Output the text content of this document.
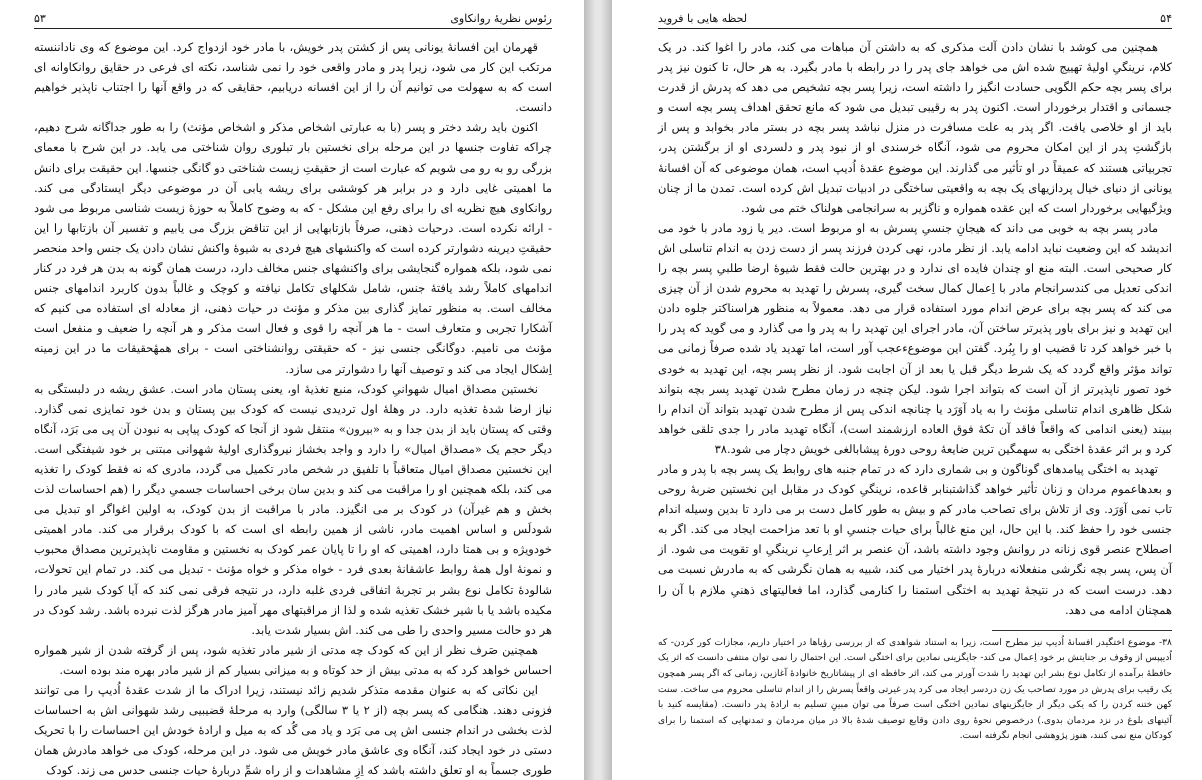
رئوس نظریهٔ روانکاوی
۵۳

قهرمان این افسانهٔ یونانی پس از کشتن پدر خویش، با مادر خود ازدواج کرد. این موضوع که وی ناداننسته مرتکب این کار می شود، زیرا پدر و مادر واقعی خود را نمی شناسد، نکته ای فرعی در حقایق روانکاوانه ای است که به سهولت می توانیم آن را از این افسانه دریابیم، حقایقی که در واقع آنها را اجتناب ناپذیر خواهیم دانست.

اکنون باید رشد دختر و پسر (با به عبارتی اشخاص مذکر و اشخاص مؤنث) را به طور جداگانه شرح دهیم، چراکه تفاوت جنسها در این مرحله برای نخستین بار تبلوری روان شناختی می یابد. در این شرح با معمای بزرگی رو به رو می شویم که عبارت است از حقیقتِ زیست شناختی دو گانگی جنسها. این حقیقت برای دانش ما اهمیتی غایی دارد و در برابر هر کوششی برای ریشه یابی آن در موضوعی دیگر ایستادگی می کند. روانکاوی هیچ نظریه ای را برای رفع این مشکل - که به وضوح کاملاً به حوزهٔ زیست شناسی مربوط می شود - ارائه نکرده است. درحیات ذهنی، صرفاً بازتابهایی از این تناقض بزرگ می یابیم و تفسیر آن بازتابها را این حقیقتِ دیرینه دشوارتر کرده است که واکنشهای هیچ فردی به شیوهٔ واکنش نشان دادن یک جنس واحد منحصر نمی شود، بلکه همواره گنجایشی برای واکنشهای جنس مخالف دارد، درست همان گونه به بدن هر فرد در کنار اندامهای کاملاً رشد یافتهٔ جنس، شامل شکلهای تکامل نیافته و کوچک و غالباً بدون کاربرد اندامهای جنس مخالف است. به منظور تمایز گذاری بین مذکر و مؤنث در حیات ذهنی، از معادله ای استفاده می کنیم که آشکارا تجربی و متعارف است - ما هر آنچه را قوی و فعال است مذکر و هر آنچه را ضعیف و منفعل است مؤنث می نامیم. دوگانگی جنسی نیز - که حقیقتی روانشناختی است - برای همهٔحقیقات ما در این زمینه اِشکال ایجاد می کند و توصیف آنها را دشوارتر می سازد.

نخستین مصداق امیال شهوانیِ کودک، منبع تغذیهٔ او، یعنی پستان مادر است. عشق ریشه در دلبستگی به نیاز ارضا شدهٔ تغذیه دارد. در وهلهٔ اول تردیدی نیست که کودک بین پستان و بدن خود تمایزی نمی گذارد. وقتی که پستان باید از بدن جدا و به «بیرون» منتقل شود از آنجا که کودک پیاپی به نبودن آن پی می بَرَد، آنگاه دیگر حجم یک «مصداق امیال» را دارد و واجد بخشاز نیروگذاری اولیهٔ شهوانی مبتنی بر خود شیفتگی است. این نخستین مصداق امیال متعاقباً با تلفیق در شخص مادر تکمیل می گردد، مادری که نه فقط کودک را تغذیه می کند، بلکه همچنین او را مراقبت می کند و بدین سان برخی احساسات جسمیِ دیگر را (هم احساسات لذت بخش و هم غیرآن) در کودک بر می انگیزد. مادر با مراقبت از بدن کودک، به اولین اغواگر او تبدیل می شودلَس و اساس اهمیت مادر، ناشی از همین رابطه ای است که با کودک برقرار می کند. مادر اهمیتی خودویژه و بی همتا دارد، اهمیتی که او را تا پایان عمر کودک به نخستین و مقاومت ناپذیرترین مصداق محبوب و نمونهٔ اول همهٔ روابط عاشقانهٔ بعدی فرد - خواه مذکر و خواه مؤنث - تبدیل می کند. در تمام این تحولات، شالودهٔ تکامل نوع بشر بر تجربهٔ اتفاقی فردی غلبه دارد، در نتیجه فرقی نمی کند که آیا کودک شیر مادر را مکیده باشد یا با شیر خشک تغذیه شده و لذا از مراقبتهای مهر آمیز مادر هرگز لذت نبرده باشد. رشد کودک در هر دو حالت مسیر واحدی را طی می کند. اش بسیار شدت یابد.

همچنین صَرف نظر از این که کودک چه مدتی از شیر مادر تغذیه شود، پس از گرفته شدن از شیر همواره احساس خواهد کرد که به مدتی بیش از حد کوتاه و به میزانی بسیار کم از شیر مادر بهره مند بوده است.

این نکاتی که به عنوان مقدمه متذکر شدیم زائد نیستند، زیرا ادراک ما از شدت عقدهٔ اُدیپ را می توانند فزونی دهند. هنگامی که پسر بچه (از ۲ یا ۳ سالگی) وارد به مرحلهٔ قضیبیی رشد شهوانی اش به احساسات لذت بخشی در اندام جنسی اش پی می بَرَد و یاد می گُد که به میل و ارادهٔ خودش این احساسات را با تحریک دستی در خود ایجاد کند، آنگاه وی عاشق مادر خویش می شود. در این مرحله، کودک می خواهد مادرش همان طوری جسماً به او تعلق داشته باشد که اِزِ مشاهدات و از راه شمِّ دربارهٔ حیات جنسی حدس می زند. کودک

۵۴
لحظه هایی با فروید

همچنین می کوشد با نشان دادن آلت مذکری که به داشتن آن مباهات می کند، مادر را اغوا کند. در یک کلام، نرینگیِ اولیهٔ تهییج شده اش می خواهد جای پدر را در رابطه با مادر بگیرد. به هر حال، تا کنون نیز پدر برای پسر بچه حکم الگویی حسادت انگیز را داشته است، زیرا پسر بچه تشخیص می دهد که پدرش از قدرت جسمانی و اقتدار برخوردار است. اکنون پدر به رقیبی تبدیل می شود که مانع تحقق اهداف پسر بچه است و باید از او خلاصی یافت. اگر پدر به علت مسافرت در منزل نباشد پسر بچه در بستر مادر بخوابد و پس از بازگشتِ پدر از این امکان محروم می شود، آنگاه خرسندی او از نبود پدر و دلسردی او از برگشتن پدر، تجربیاتی هستند که عمیقاً در او تأثیر می گذارند. این موضوع عقدهٔ اُدیپ است، همان موضوعی که آن افسانهٔ یونانی از دنیای خیال پردازیهای یک بچه به واقعیتی ساختگی در ادبیات تبدیل اش کرده است. تمدن ما از چنان ویژگیهایی برخوردار است که این عقده همواره و ناگزیر به سرانجامی هولناک ختم می شود.

مادر پسر بچه به خوبی می داند که هیجانِ جنسیِ پسرش به او مربوط است. دیر یا زود مادر با خود می اندیشد که این وضعیت نباید ادامه یابد. از نظر مادر، نهی کردن فرزند پسر از دست زدن به اندام تناسلی اش کار صحیحی است. البته منع او چندان فایده ای ندارد و در بهترین حالت فقط شیوهٔ ارضا طلبیِ پسر بچه را اندکی تعدیل می کندسرانجام مادر با اِعمال کمال سخت گیری، پسرش را تهدید به محروم شدن از آن چیزی می کند که پسر بچه برای عرض اندام مورد استفاده قرار می دهد. معمولاً به منظور هراسناکتر جلوه دادن این تهدید و نیز برای باور پذیرتر ساختن آن، مادر اجرای این تهدید را به پدر وا می گذارد و می گوید که پدر را با خبر خواهد کرد تا قضیب او را بِبُرد. گفتن این موضوعءعجب آور است، اما تهدید یاد شده صرفاً زمانی می تواند مؤثر واقع گردد که یک شرط دیگر قبل یا بعد از آن اجابت شود. از نظر پسر بچه، این تهدید به خودی خود تصور ناپذیرتر از آن است که بتواند اجرا شود. لیکن چنچه در زمان مطرح شدن تهدید پسر بچه بتواند شکل ظاهری اندام تناسلی مؤنث را به یاد آوَرَد یا چنانچه اندکی پس از مطرح شدن تهدید بتواند آن اندام را ببیند (یعنی اندامی که واقعاً فاقد آن تکهٔ فوق العاده ارزشمند است)، آنگاه تهدید مادر را جدی تلقی خواهد کرد و بر اثر عقدهٔ اختگی به سهمگین ترین ضایعهٔ روحی دورهٔ پیشابالغی خویش دچار می شود.۳۸

تهدید به اختگی پیامدهای گوناگون و بی شماری دارد که در تمام جنبه های روابط یک پسر بچه با پدر و مادر و بعدهاعموم مردان و زنان تأثیر خواهد گذاشتبنابر قاعده، نرینگیِ کودک در مقابل این نخستین ضربهٔ روحی تاب نمی آوَرَد. وی از تلاش برای تصاحب مادر کم و بیش به طور کامل دست بر می دارد تا بدین وسیله اندام جنسی خود را حفظ کند. با این حال، این منع غالباً برای حیات جنسیِ او با تعد مزاحمت ایجاد می کند. اگر به اصطلاح عنصر قوی زنانه در روانش وجود داشته باشد، آن عنصر بر اثر اِرعابِ نرینگیِ او تقویت می شود. از آن پس، پسر بچه نگرشی منفعلانه دربارهٔ پدر اختیار می کند، شبیه به همان نگرشی که به مادرش نسبت می دهد. درست است که در نتیجهٔ تهدید به اختگی استمنا را کنارمی گذارد، اما فعالیتهای ذهنیِ ملازم با آن را همچنان ادامه می دهد.

۳۸- موضوع اختگیدر افسانهٔ اُدیپ نیز مطرح است، زیرا به استناد شواهدی که از بررسی رؤیاها در اختیار داریم، مجازات کور کردن- که اُدیپپس از وقوف بر جنایتش بر خود اِعمال می کند- جایگزینی نمادین برای اختگی است. این احتمال را نمی توان منتفی دانست که اثر یک حافظهٔ برآمده از تکامل نوع بشر این تهدید را شدت آورتر می کند، اثر حافظه ای از پیشاتاریخ خانوادهٔ آغازین، زمانی که اگر پسر همچون یک رقیب برای پدرش در مورد تصاحب یک زن دردسر ایجاد می کرد پدر غیرتی واقعاً پسرش را از اندام تناسلی محروم می ساخت. سنت کهن ختنه کردن را که یکی دیگر از جایگزینهای نمادین اختگی است صرفاً می توان مبینِ تسلیم به ارادهٔ پدر دانست. (مقایسه کنید با آئینهای بلوغ در نزد مردمان بدوی.) درخصوص نحوهٔ روی دادن وقایع توصیف شدهٔ بالا در میان مردمان و تمدنهایی که استمنا را برای کودکان منع نمی کنند، هنوز پژوهشی انجام نگرفته است.
